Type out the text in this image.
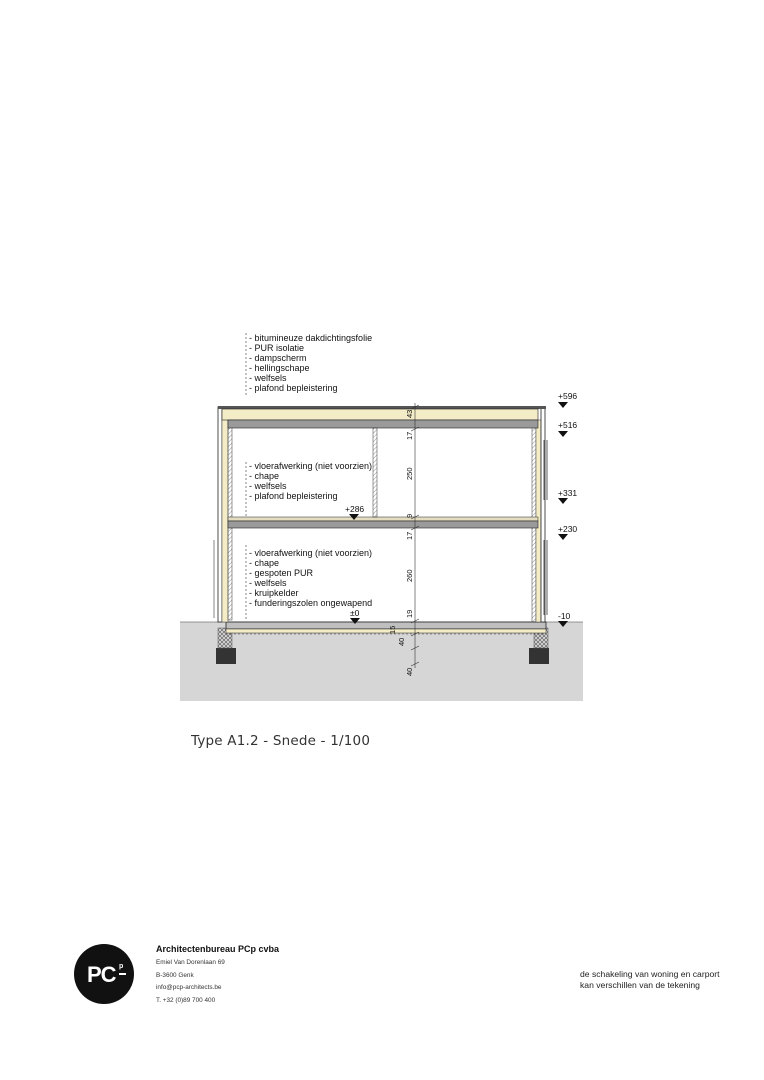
- bitumineuze dakdichtingsfolie
- PUR isolatie
- dampscherm
- hellingschape
- welfsels
- plafond bepleistering
- vloerafwerking (niet voorzien)
- chape
- welfsels
- plafond bepleistering
- vloerafwerking (niet voorzien)
- chape
- gespoten PUR
- welfsels
- kruipkelder
- funderingszolen ongewapend
43
17
250
9
17
260
19
15
40
40
+596
+516
+331
+230
+286
±0	-10
Type A1.2 - Snede - 1/100
PC p
Architectenbureau PCp cvba
Emiel Van Dorenlaan 69
B-3600 Genk
info@pcp-architects.be
T. +32 (0)89 700 400
de schakeling van woning en carport
kan verschillen van de tekening
